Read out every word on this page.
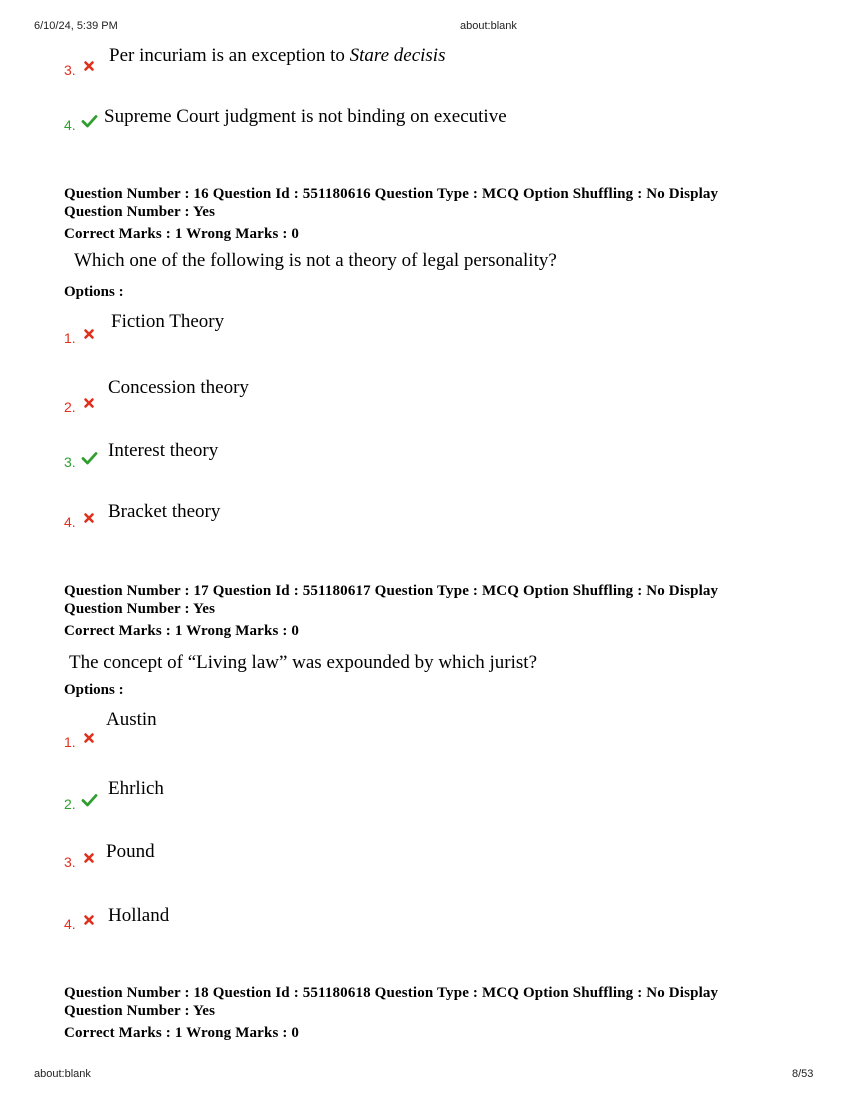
6/10/24, 5:39 PM	about:blank
3.
Per incuriam is an exception to Stare decisis
4. Supreme Court judgment is not binding on executive
Question Number : 16 Question Id : 551180616 Question Type : MCQ Option Shuffling : No Display
Question Number : Yes
Correct Marks : 1 Wrong Marks : 0
Which one of the following is not a theory of legal personality?
Options :
1.
Fiction Theory
2.
Concession theory
3.
Interest theory
4. Bracket theory
Question Number : 17 Question Id : 551180617 Question Type : MCQ Option Shuffling : No Display
Question Number : Yes
Correct Marks : 1 Wrong Marks : 0
The concept of “Living law” was expounded by which jurist?
Options :
1.
Austin
2.
Ehrlich
3. Pound
4. Holland
Question Number : 18 Question Id : 551180618 Question Type : MCQ Option Shuffling : No Display
Question Number : Yes
Correct Marks : 1 Wrong Marks : 0
about:blank	8/53
